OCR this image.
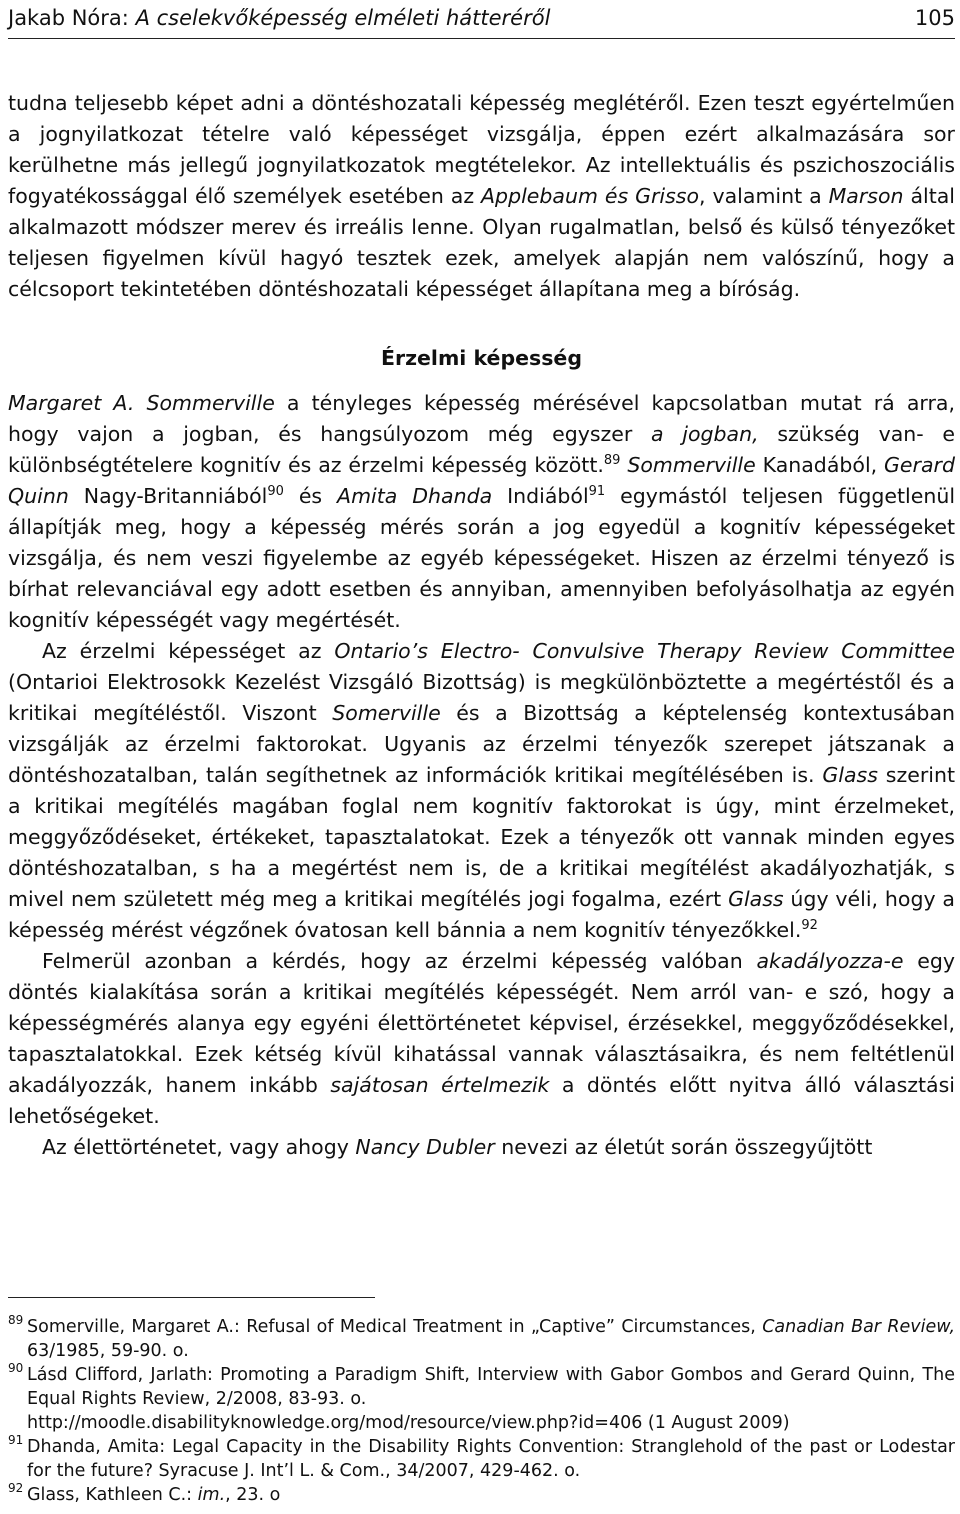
Jakab Nóra: A cselekvőképesség elméleti hátteréről	105

tudna teljesebb képet adni a döntéshozatali képesség meglétéről. Ezen teszt egyértelműen a jognyilatkozat tételre való képességet vizsgálja, éppen ezért alkalmazására sor kerülhetne más jellegű jognyilatkozatok megtételekor. Az intellektuális és pszichoszociális fogyatékossággal élő személyek esetében az Applebaum és Grisso, valamint a Marson által alkalmazott módszer merev és irreális lenne. Olyan rugalmatlan, belső és külső tényezőket teljesen figyelmen kívül hagyó tesztek ezek, amelyek alapján nem valószínű, hogy a célcsoport tekintetében döntéshozatali képességet állapítana meg a bíróság.

Érzelmi képesség

Margaret A. Sommerville a tényleges képesség mérésével kapcsolatban mutat rá arra, hogy vajon a jogban, és hangsúlyozom még egyszer a jogban, szükség van- e különbségtételere kognitív és az érzelmi képesség között.$^{89}$ Sommerville Kanadából, Gerard Quinn Nagy-Britanniából$^{90}$ és Amita Dhanda Indiából$^{91}$ egymástól teljesen függetlenül állapítják meg, hogy a képesség mérés során a jog egyedül a kognitív képességeket vizsgálja, és nem veszi figyelembe az egyéb képességeket. Hiszen az érzelmi tényező is bírhat relevanciával egy adott esetben és annyiban, amennyiben befolyásolhatja az egyén kognitív képességét vagy megértését.

Az érzelmi képességet az Ontario’s Electro- Convulsive Therapy Review Committee (Ontarioi Elektrosokk Kezelést Vizsgáló Bizottság) is megkülönböztette a megértéstől és a kritikai megítéléstől. Viszont Somerville és a Bizottság a képtelenség kontextusában vizsgálják az érzelmi faktorokat. Ugyanis az érzelmi tényezők szerepet játszanak a döntéshozatalban, talán segíthetnek az információk kritikai megítélésében is. Glass szerint a kritikai megítélés magában foglal nem kognitív faktorokat is úgy, mint érzelmeket, meggyőződéseket, értékeket, tapasztalatokat. Ezek a tényezők ott vannak minden egyes döntéshozatalban, s ha a megértést nem is, de a kritikai megítélést akadályozhatják, s mivel nem született még meg a kritikai megítélés jogi fogalma, ezért Glass úgy véli, hogy a képesség mérést végzőnek óvatosan kell bánnia a nem kognitív tényezőkkel.$^{92}$

Felmerül azonban a kérdés, hogy az érzelmi képesség valóban akadályozza-e egy döntés kialakítása során a kritikai megítélés képességét. Nem arról van- e szó, hogy a képességmérés alanya egy egyéni élettörténetet képvisel, érzésekkel, meggyőződésekkel, tapasztalatokkal. Ezek kétség kívül kihatással vannak választásaikra, és nem feltétlenül akadályozzák, hanem inkább sajátosan értelmezik a döntés előtt nyitva álló választási lehetőségeket.

Az élettörténetet, vagy ahogy Nancy Dubler nevezi az életút során összegyűjtött

89 Somerville, Margaret A.: Refusal of Medical Treatment in „Captive” Circumstances, Canadian Bar Review, 63/1985, 59-90. o.
90 Lásd Clifford, Jarlath: Promoting a Paradigm Shift, Interview with Gabor Gombos and Gerard Quinn, The Equal Rights Review, 2/2008, 83-93. o.
http://moodle.disabilityknowledge.org/mod/resource/view.php?id=406 (1 August 2009)
91 Dhanda, Amita: Legal Capacity in the Disability Rights Convention: Stranglehold of the past or Lodestar for the future? Syracuse J. Int’l L. & Com., 34/2007, 429-462. o.
92 Glass, Kathleen C.: im., 23. o
